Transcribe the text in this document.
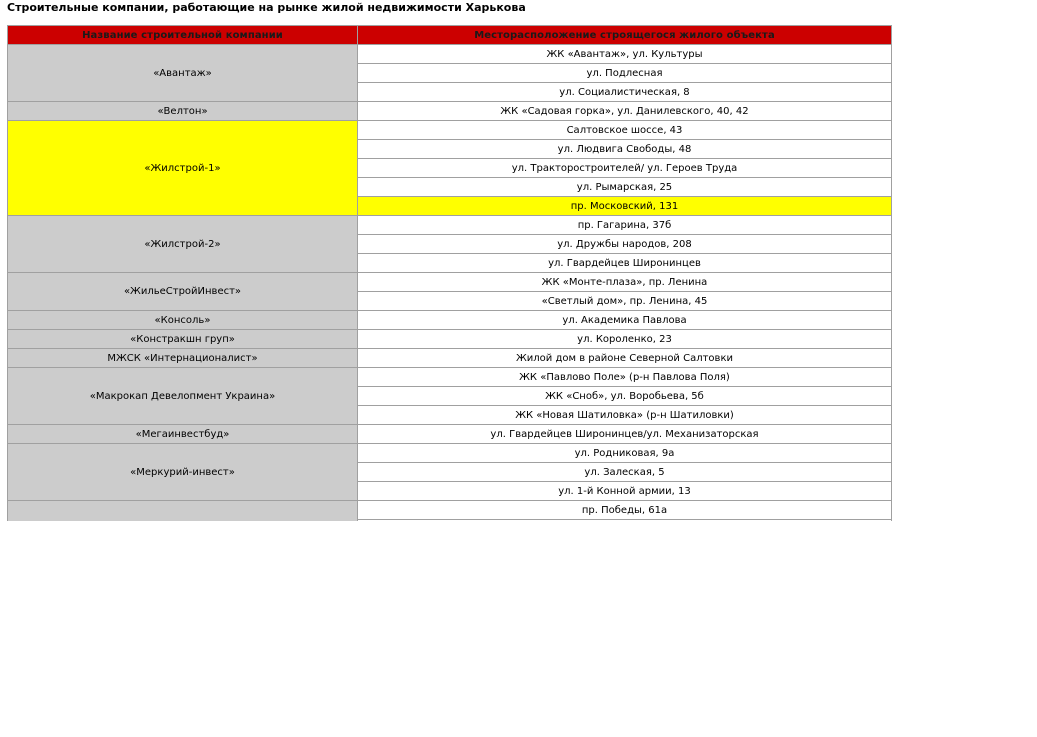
Строительные компании, работающие на рынке жилой недвижимости Харькова
Название строительной компании	Месторасположение строящегося жилого объекта
«Авантаж»	ЖК «Авантаж», ул. Культуры
	ул. Подлесная
	ул. Социалистическая, 8
«Велтон»	ЖК «Садовая горка», ул. Данилевского, 40, 42
«Жилстрой-1»	Салтовское шоссе, 43
	ул. Людвига Свободы, 48
	ул. Тракторостроителей/ ул. Героев Труда
	ул. Рымарская, 25
	пр. Московский, 131
«Жилстрой-2»	пр. Гагарина, 37б
	ул. Дружбы народов, 208
	ул. Гвардейцев Широнинцев
«ЖильеСтройИнвест»	ЖК «Монте-плаза», пр. Ленина
	«Светлый дом», пр. Ленина, 45
«Консоль»	ул. Академика Павлова
«Констракшн груп»	ул. Короленко, 23
МЖСК «Интернационалист»	Жилой дом в районе Северной Салтовки
«Макрокап Девелопмент Украина»	ЖК «Павлово Поле» (р-н Павлова Поля)
	ЖК «Сноб», ул. Воробьева, 5б
	ЖК «Новая Шатиловка» (р-н Шатиловки)
«Мегаинвестбуд»	ул. Гвардейцев Широнинцев/ул. Механизаторская
«Меркурий-инвест»	ул. Родниковая, 9а
	ул. Залеская, 5
	ул. 1-й Конной армии, 13
	пр. Победы, 61а
